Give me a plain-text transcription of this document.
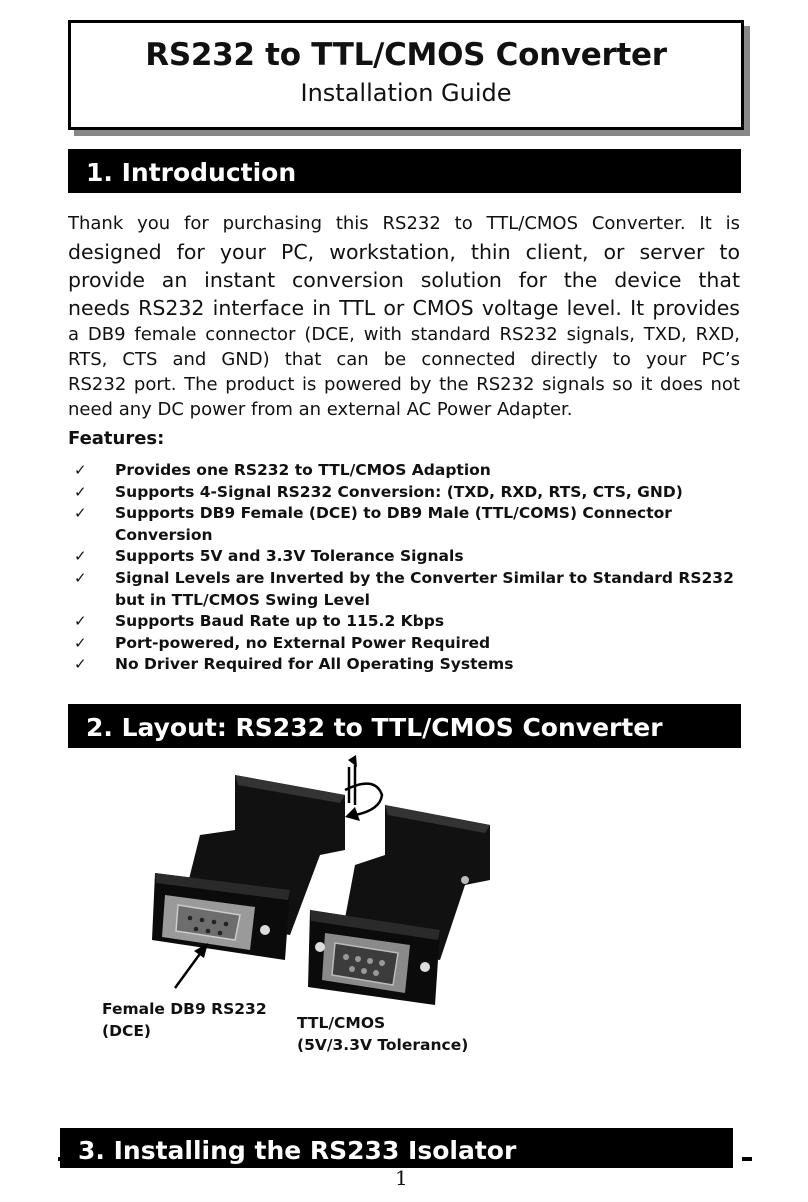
RS232 to TTL/CMOS Converter
Installation Guide
1. Introduction

Thank you for purchasing this RS232 to TTL/CMOS Converter. It is

designed for your PC, workstation, thin client, or server to

provide an instant conversion solution for the device that

needs RS232 interface in TTL or CMOS voltage level. It provides

a DB9 female connector (DCE, with standard RS232 signals, TXD, RXD,

RTS, CTS and GND) that can be connected directly to your PC’s

RS232 port. The product is powered by the RS232 signals so it does not

need any DC power from an external AC Power Adapter.

Features:
✓ Provides one RS232 to TTL/CMOS Adaption
✓ Supports 4-Signal RS232 Conversion: (TXD, RXD, RTS, CTS, GND)
✓ Supports DB9 Female (DCE) to DB9 Male (TTL/COMS) Connector Conversion
✓ Supports 5V and 3.3V Tolerance Signals
✓ Signal Levels are Inverted by the Converter Similar to Standard RS232 but in TTL/CMOS Swing Level
✓ Supports Baud Rate up to 115.2 Kbps
✓ Port-powered, no External Power Required
✓ No Driver Required for All Operating Systems
2. Layout: RS232 to TTL/CMOS Converter
Female DB9 RS232
(DCE)	TTL/CMOS
(5V/3.3V Tolerance)
3. Installing the RS233 Isolator
1
